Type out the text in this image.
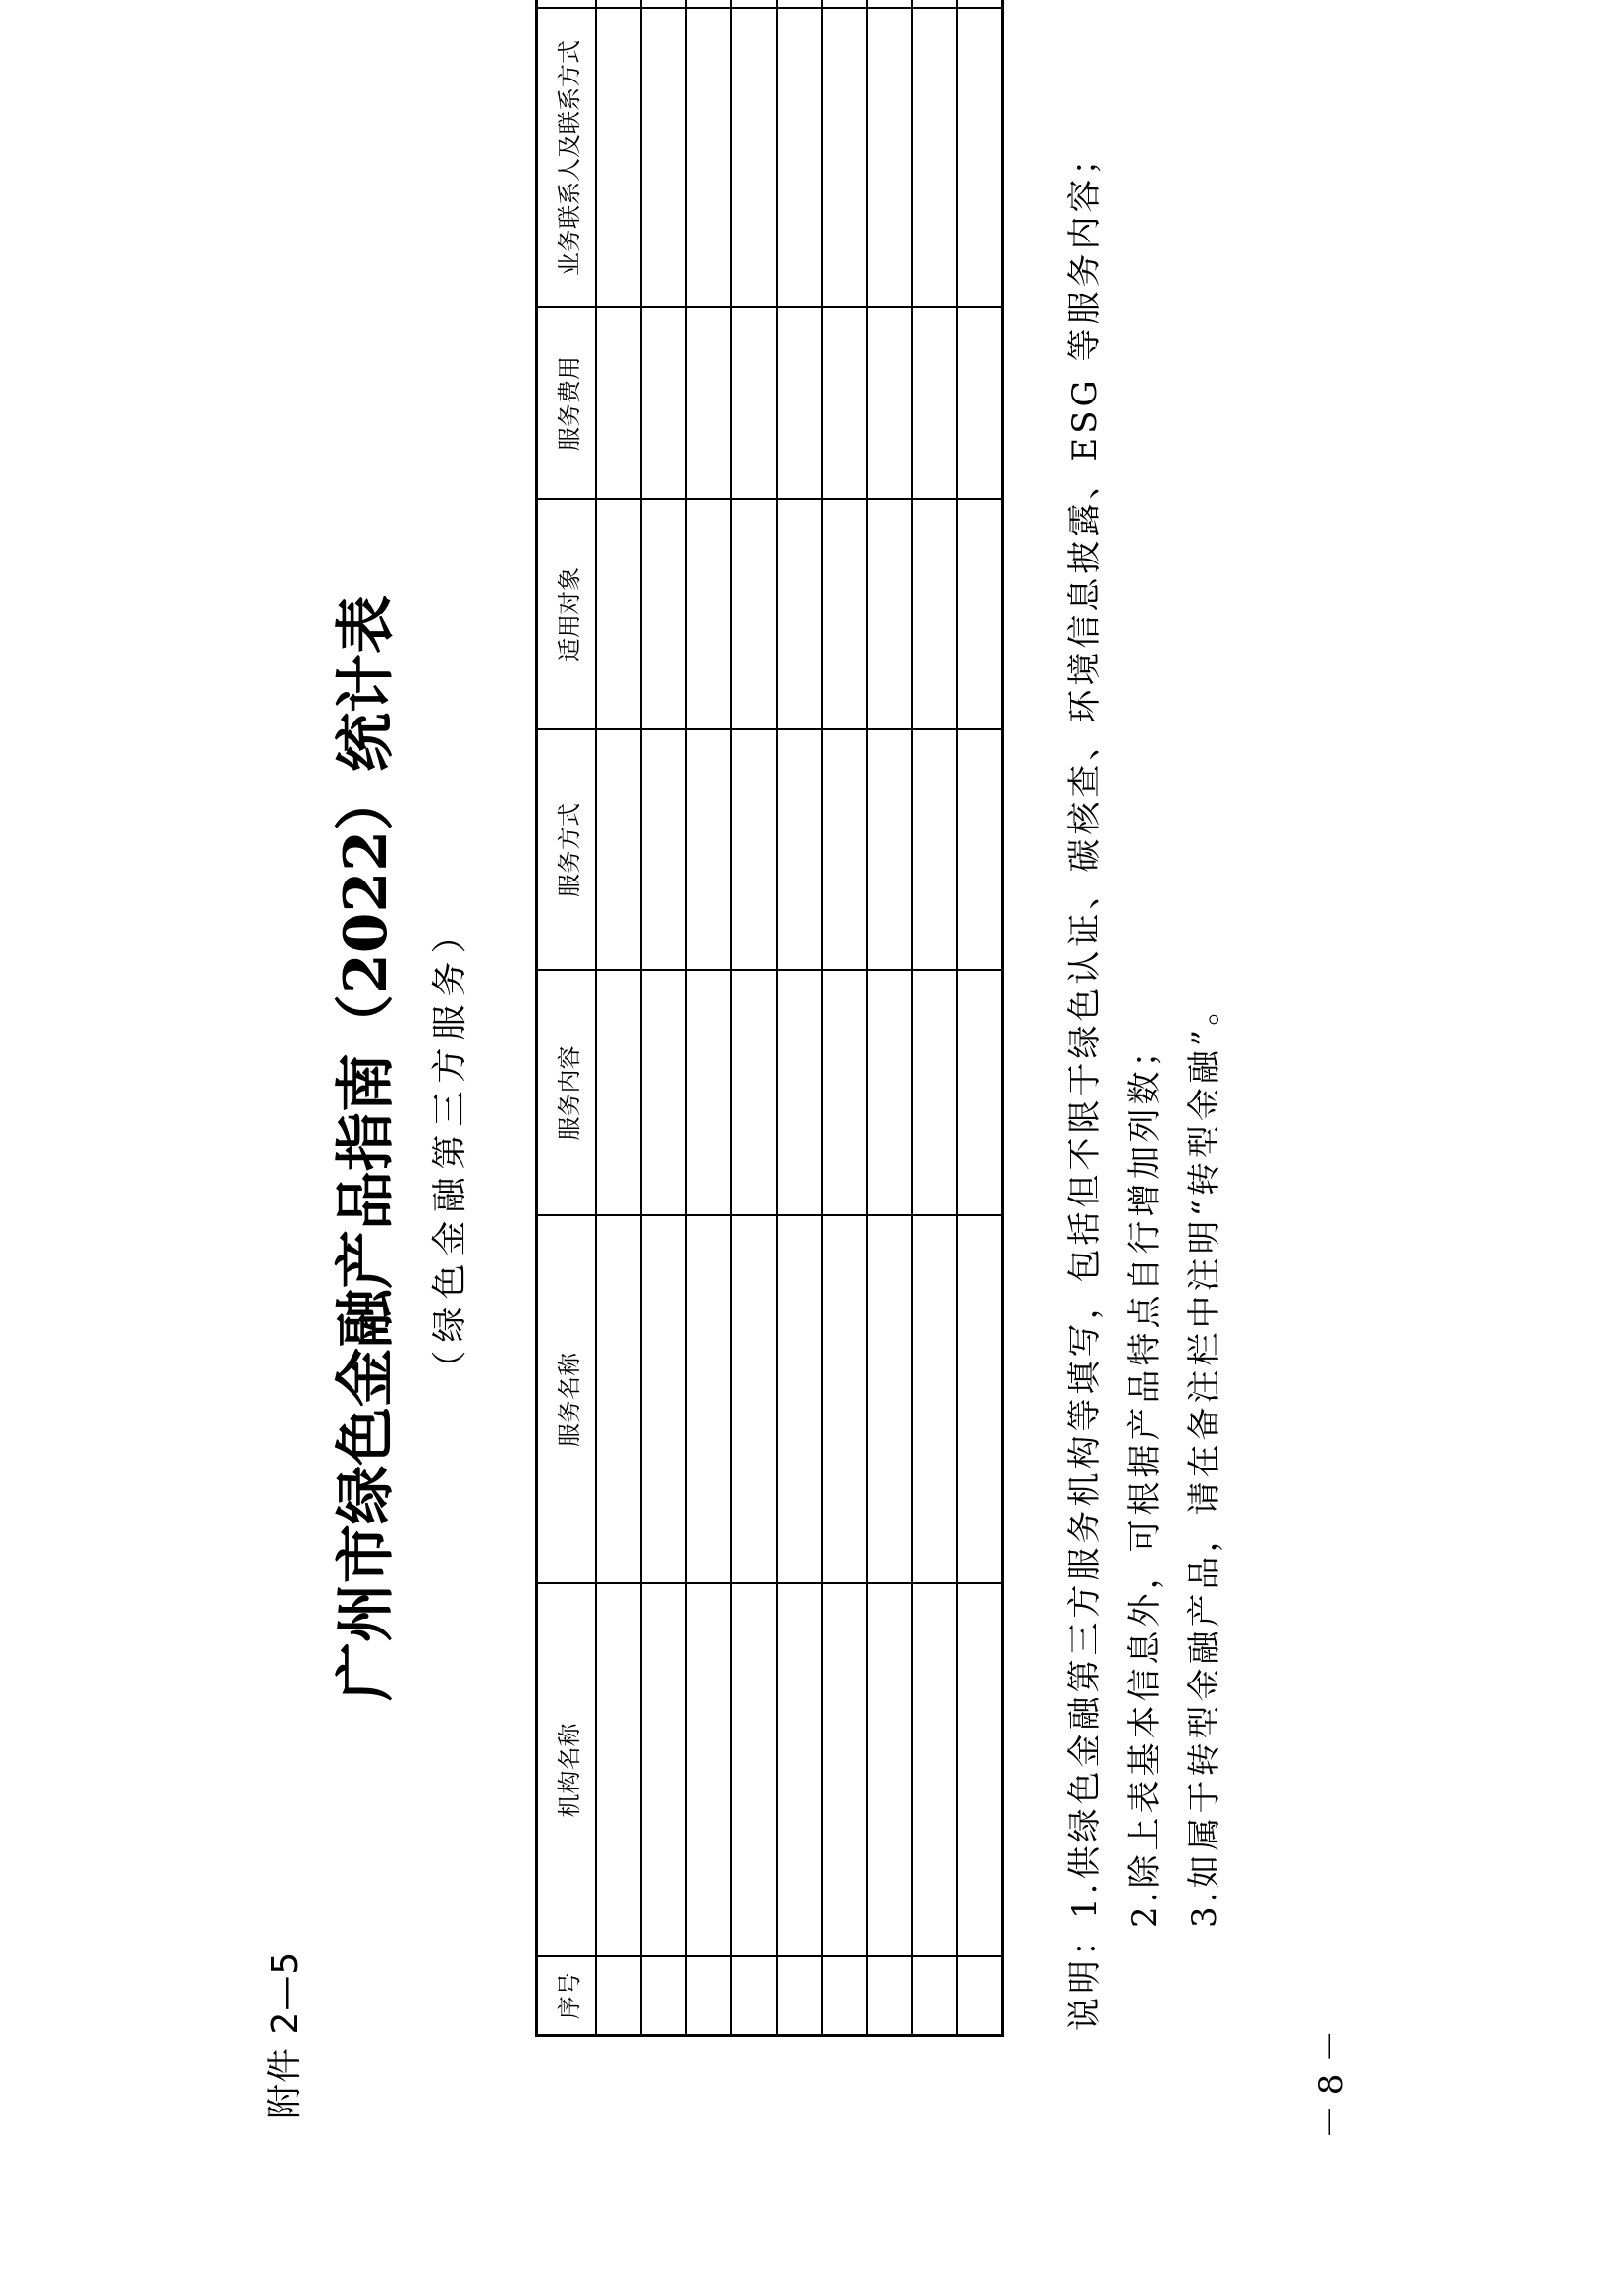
附件 2—5
广州市绿色金融产品指南（2022）统计表 （绿色金融第三方服务）
序号	机构名称	服务名称	服务内容	服务方式	适用对象	服务费用	业务联系人及联系方式	

									说明：1.供绿色金融第三方服务机构等填写，包括但不限于绿色认证、碳核查、环境信息披露、ESG 等服务内容； 2.除上表基本信息外，可根据产品特点自行增加列数； 3.如属于转型金融产品，请在备注栏中注明“转型金融”。
－ 8 －
